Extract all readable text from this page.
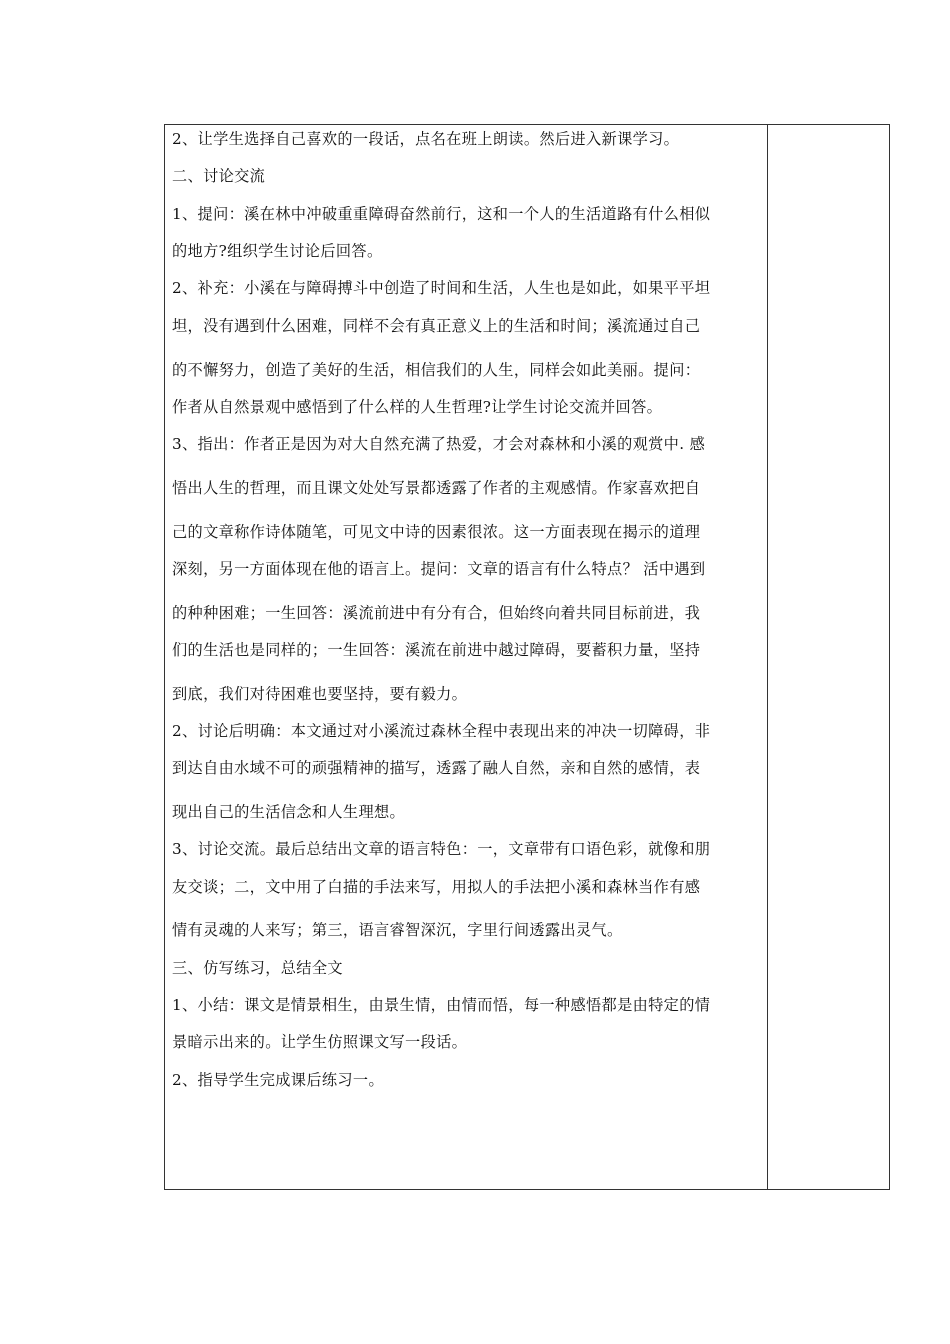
2、让学生选择自己喜欢的一段话，点名在班上朗读。然后进入新课学习。
二、讨论交流
1、提问：溪在林中冲破重重障碍奋然前行，这和一个人的生活道路有什么相似
的地方?组织学生讨论后回答。
2、补充：小溪在与障碍搏斗中创造了时间和生活，人生也是如此，如果平平坦
坦，没有遇到什么困难，同样不会有真正意义上的生活和时间；溪流通过自己
的不懈努力，创造了美好的生活，相信我们的人生，同样会如此美丽。提问：
作者从自然景观中感悟到了什么样的人生哲理?让学生讨论交流并回答。
3、指出：作者正是因为对大自然充满了热爱，才会对森林和小溪的观赏中. 感
悟出人生的哲理，而且课文处处写景都透露了作者的主观感情。作家喜欢把自
己的文章称作诗体随笔，可见文中诗的因素很浓。这一方面表现在揭示的道理
深刻，另一方面体现在他的语言上。提问：文章的语言有什么特点？ 活中遇到
的种种困难；一生回答：溪流前进中有分有合，但始终向着共同目标前进，我
们的生活也是同样的；一生回答：溪流在前进中越过障碍，要蓄积力量，坚持
到底，我们对待困难也要坚持，要有毅力。
2、讨论后明确：本文通过对小溪流过森林全程中表现出来的冲决一切障碍，非
到达自由水域不可的顽强精神的描写，透露了融人自然，亲和自然的感情，表
现出自己的生活信念和人生理想。
3、讨论交流。最后总结出文章的语言特色：一，文章带有口语色彩，就像和朋
友交谈；二，文中用了白描的手法来写，用拟人的手法把小溪和森林当作有感
情有灵魂的人来写；第三，语言睿智深沉，字里行间透露出灵气。
三、仿写练习，总结全文
1、小结：课文是情景相生，由景生情，由情而悟，每一种感悟都是由特定的情
景暗示出来的。让学生仿照课文写一段话。
2、指导学生完成课后练习一。
